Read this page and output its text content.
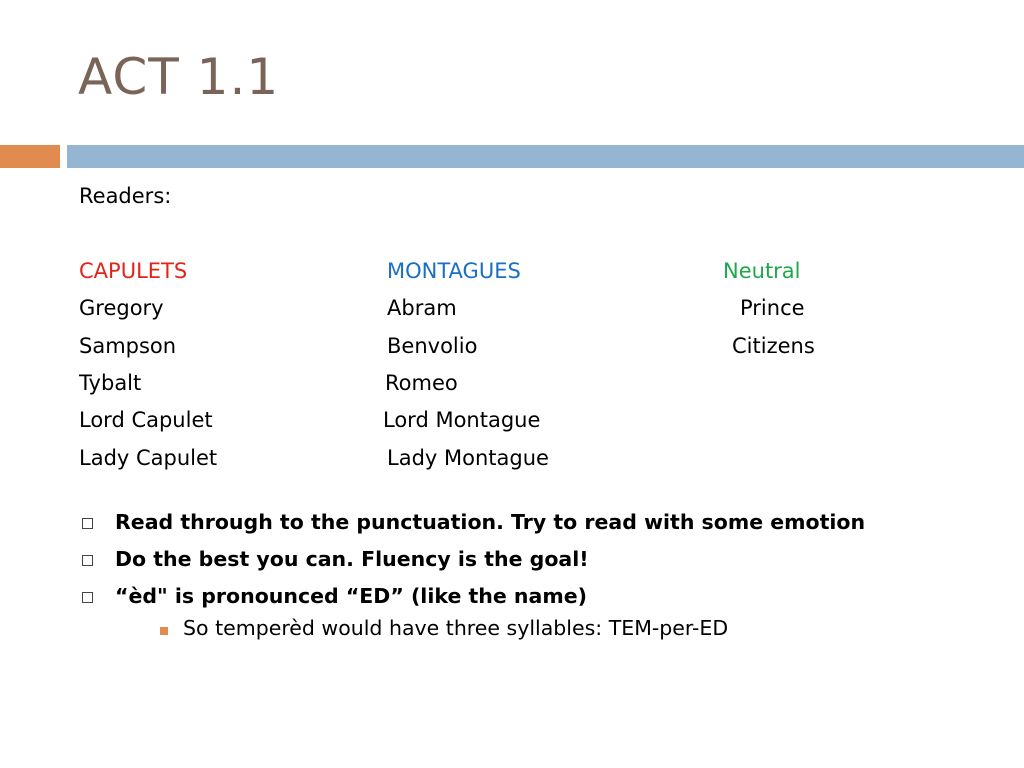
ACT 1.1
Readers:
CAPULETS	MONTAGUES	Neutral
Gregory	Abram	Prince
Sampson	Benvolio	Citizens
Tybalt	Romeo
Lord Capulet	Lord Montague
Lady Capulet	Lady Montague
Read through to the punctuation. Try to read with some emotion
Do the best you can. Fluency is the goal!
“èd" is pronounced “ED” (like the name)
So temperèd would have three syllables: TEM-per-ED
